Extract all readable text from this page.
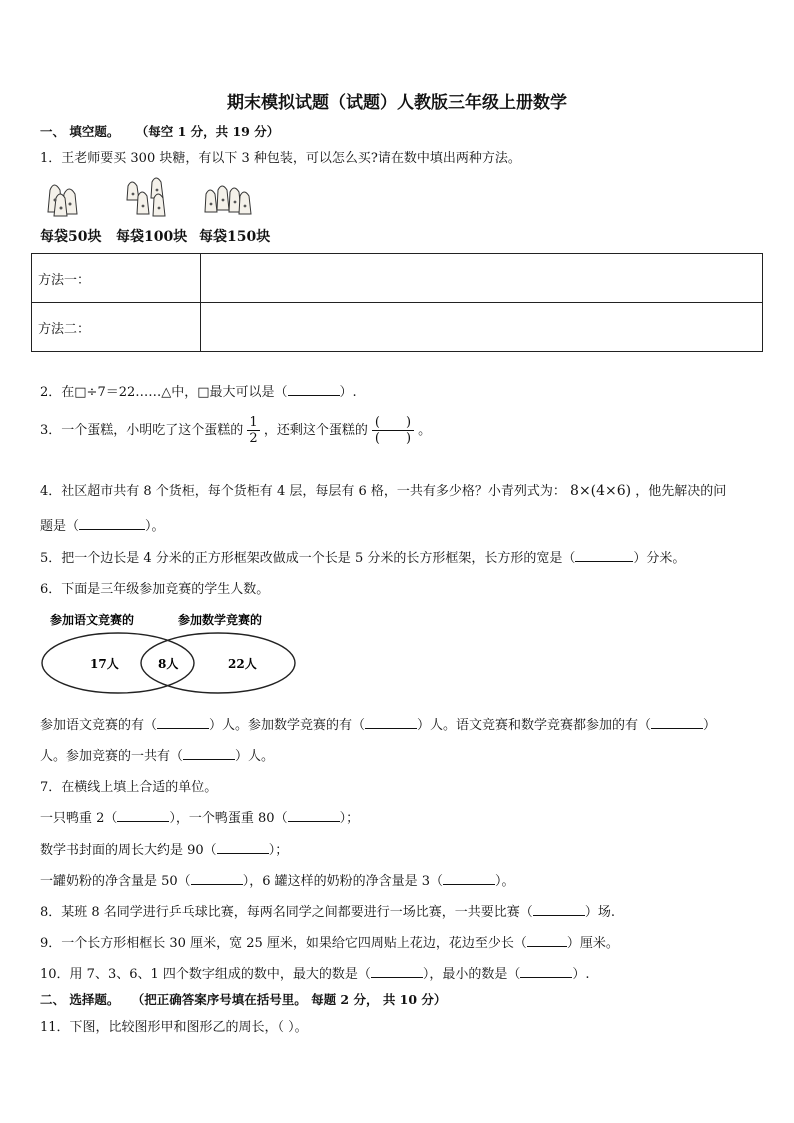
期末模拟试题（试题）人教版三年级上册数学
一、 填空题。 （每空 1 分，共 19 分）
1．王老师要买 300 块糖，有以下 3 种包装，可以怎么买?请在数中填出两种方法。
每袋50块 每袋100块 每袋150块
方法一：	
方法二：	
2．在□÷7＝22……△中，□最大可以是（	）.
3．一个蛋糕，小明吃了这个蛋糕的 $\frac{1}{2}$ ，还剩这个蛋糕的 $\frac{( )}{( )}$ 。
4．社区超市共有 8 个货柜，每个货柜有 4 层，每层有 6 格，一共有多少格？小青列式为： 8×(4×6) ，他先解决的问
题是（	）。
5．把一个边长是 4 分米的正方形框架改做成一个长是 5 分米的长方形框架，长方形的宽是（	）分米。
6．下面是三年级参加竞赛的学生人数。
参加语文竞赛的	参加数学竞赛的
17人	8人	22人
参加语文竞赛的有（	）人。参加数学竞赛的有（	）人。语文竞赛和数学竞赛都参加的有（	）
人。参加竞赛的一共有（	）人。
7．在横线上填上合适的单位。
一只鸭重 2（	），一个鸭蛋重 80（	）；
数学书封面的周长大约是 90（	）；
一罐奶粉的净含量是 50（	），6 罐这样的奶粉的净含量是 3（	）。
8．某班 8 名同学进行乒乓球比赛，每两名同学之间都要进行一场比赛，一共要比赛（	）场.
9．一个长方形相框长 30 厘米，宽 25 厘米，如果给它四周贴上花边，花边至少长（	）厘米。
10．用 7、3、6、1 四个数字组成的数中，最大的数是（	），最小的数是（	）.
二、 选择题。 （把正确答案序号填在括号里。 每题 2 分， 共 10 分）
11．下图，比较图形甲和图形乙的周长，（ ）。
